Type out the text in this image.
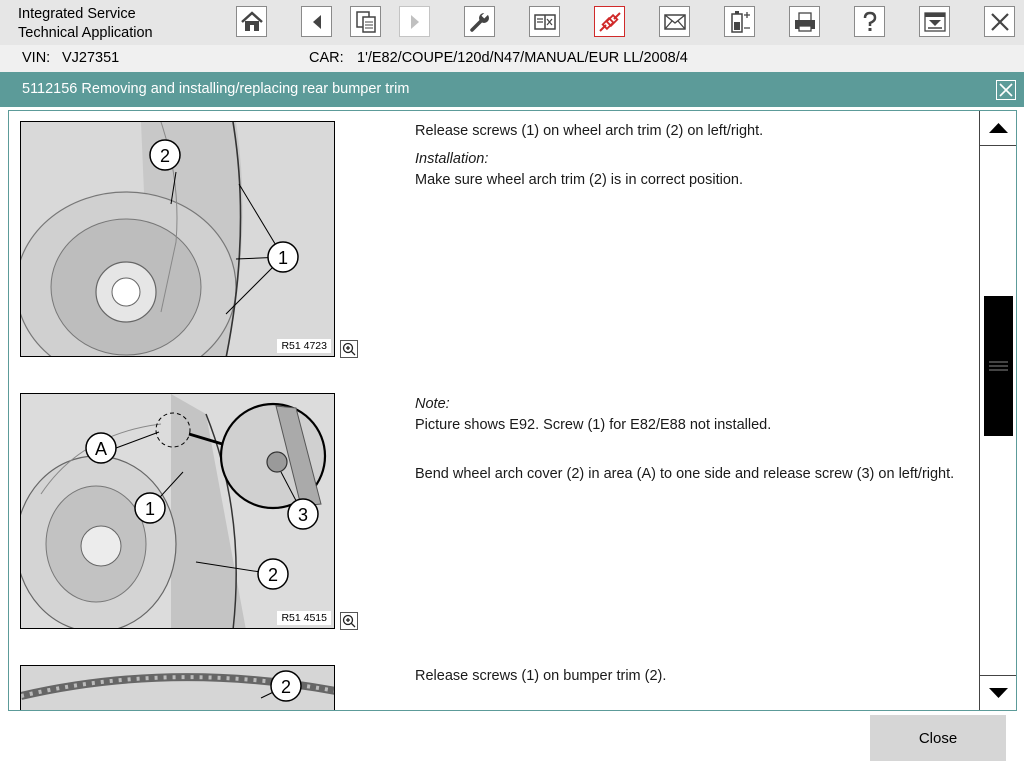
Integrated Service
Technical Application
VIN: VJ27351	CAR: 1'/E82/COUPE/120d/N47/MANUAL/EUR LL/2008/4
5112156 Removing and installing/replacing rear bumper trim
2
1
R51 4723

Release screws (1) on wheel arch trim (2) on left/right.

Installation:

Make sure wheel arch trim (2) is in correct position.

A
1	3
2
R51 4515

Note:

Picture shows E92. Screw (1) for E82/E88 not installed.

Bend wheel arch cover (2) in area (A) to one side and release screw (3) on left/right.

2

Release screws (1) on bumper trim (2).

Close
